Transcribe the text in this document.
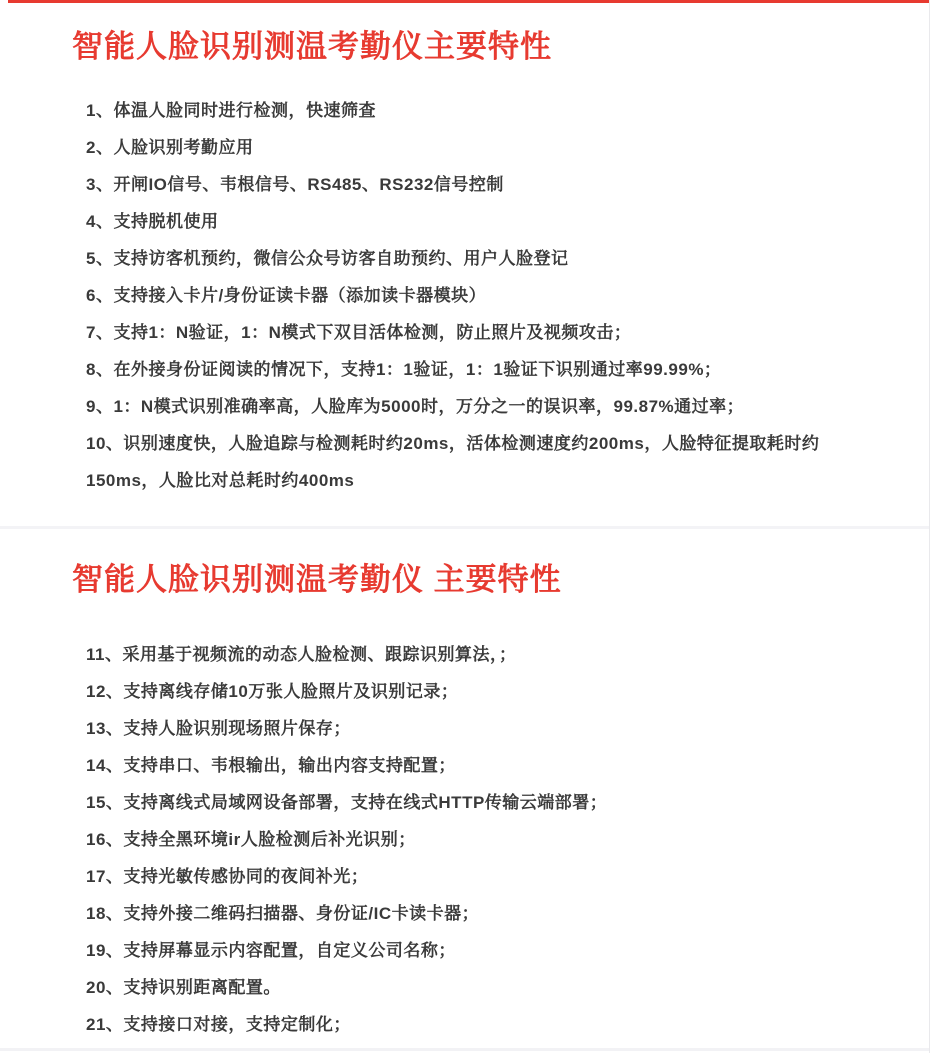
智能人脸识别测温考勤仪主要特性
1、体温人脸同时进行检测，快速筛查
2、人脸识别考勤应用
3、开闸IO信号、韦根信号、RS485、RS232信号控制
4、支持脱机使用
5、支持访客机预约，微信公众号访客自助预约、用户人脸登记
6、支持接入卡片/身份证读卡器（添加读卡器模块）
7、支持1：N验证，1：N模式下双目活体检测，防止照片及视频攻击；
8、在外接身份证阅读的情况下，支持1：1验证，1：1验证下识别通过率99.99%；
9、1：N模式识别准确率高，人脸库为5000时，万分之一的误识率，99.87%通过率；
10、识别速度快，人脸追踪与检测耗时约20ms，活体检测速度约200ms，人脸特征提取耗时约150ms，人脸比对总耗时约400ms
智能人脸识别测温考勤仪 主要特性
11、采用基于视频流的动态人脸检测、跟踪识别算法，；
12、支持离线存储10万张人脸照片及识别记录；
13、支持人脸识别现场照片保存；
14、支持串口、韦根输出，输出内容支持配置；
15、支持离线式局域网设备部署，支持在线式HTTP传输云端部署；
16、支持全黑环境ir人脸检测后补光识别；
17、支持光敏传感协同的夜间补光；
18、支持外接二维码扫描器、身份证/IC卡读卡器；
19、支持屏幕显示内容配置，自定义公司名称；
20、支持识别距离配置。
21、支持接口对接，支持定制化；
